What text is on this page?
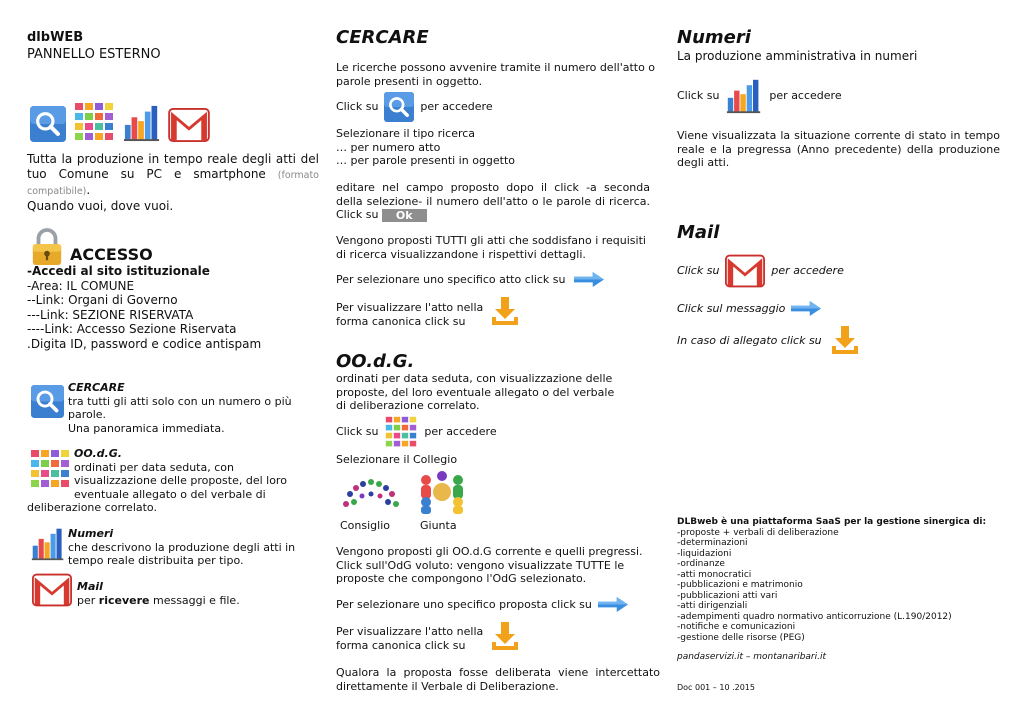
dlbWEB
PANNELLO ESTERNO
Tutta la produzione in tempo reale degli atti del tuo Comune su PC e smartphone (formato compatibile).
Quando vuoi, dove vuoi.
ACCESSO
-Accedi al sito istituzionale
-Area: IL COMUNE
--Link: Organi di Governo
---Link: SEZIONE RISERVATA
----Link: Accesso Sezione Riservata
.Digita ID, password e codice antispam
CERCARE
tra tutti gli atti solo con un numero o più parole.
Una panoramica immediata.
OO.d.G.
ordinati per data seduta, con visualizzazione delle proposte, del loro eventuale allegato o del verbale di
deliberazione correlato.
Numeri
che descrivono la produzione degli atti in tempo reale distribuita per tipo.
Mail
per ricevere messaggi e file.
CERCARE
Le ricerche possono avvenire tramite il numero dell'atto o parole presenti in oggetto.
Click su	per accedere
Selezionare il tipo ricerca
… per numero atto
… per parole presenti in oggetto
editare nel campo proposto dopo il click -a seconda della selezione- il numero dell'atto o le parole di ricerca. Click su Ok
Vengono proposti TUTTI gli atti che soddisfano i requisiti di ricerca visualizzandone i rispettivi dettagli.
Per selezionare uno specifico atto click su
Per visualizzare l'atto nella forma canonica click su
OO.d.G.
ordinati per data seduta, con visualizzazione delle proposte, del loro eventuale allegato o del verbale di deliberazione correlato.
Click su	per accedere
Selezionare il Collegio
Consiglio	Giunta
Vengono proposti gli OO.d.G corrente e quelli pregressi. Click sull'OdG voluto: vengono visualizzate TUTTE le proposte che compongono l'OdG selezionato.
Per selezionare uno specifico proposta click su
Per visualizzare l'atto nella forma canonica click su
Qualora la proposta fosse deliberata viene intercettato direttamente il Verbale di Deliberazione.
Numeri
La produzione amministrativa in numeri
Click su	per accedere
Viene visualizzata la situazione corrente di stato in tempo reale e la pregressa (Anno precedente) della produzione degli atti.
Mail
Click su	per accedere
Click sul messaggio
In caso di allegato click su
DLBweb è una piattaforma SaaS per la gestione sinergica di:
-proposte + verbali di deliberazione
-determinazioni
-liquidazioni
-ordinanze
-atti monocratici
-pubblicazioni e matrimonio
-pubblicazioni atti vari
-atti dirigenziali
-adempimenti quadro normativo anticorruzione (L.190/2012)
-notifiche e comunicazioni
-gestione delle risorse (PEG)
pandaservizi.it – montanaribari.it
Doc 001 – 10 .2015
